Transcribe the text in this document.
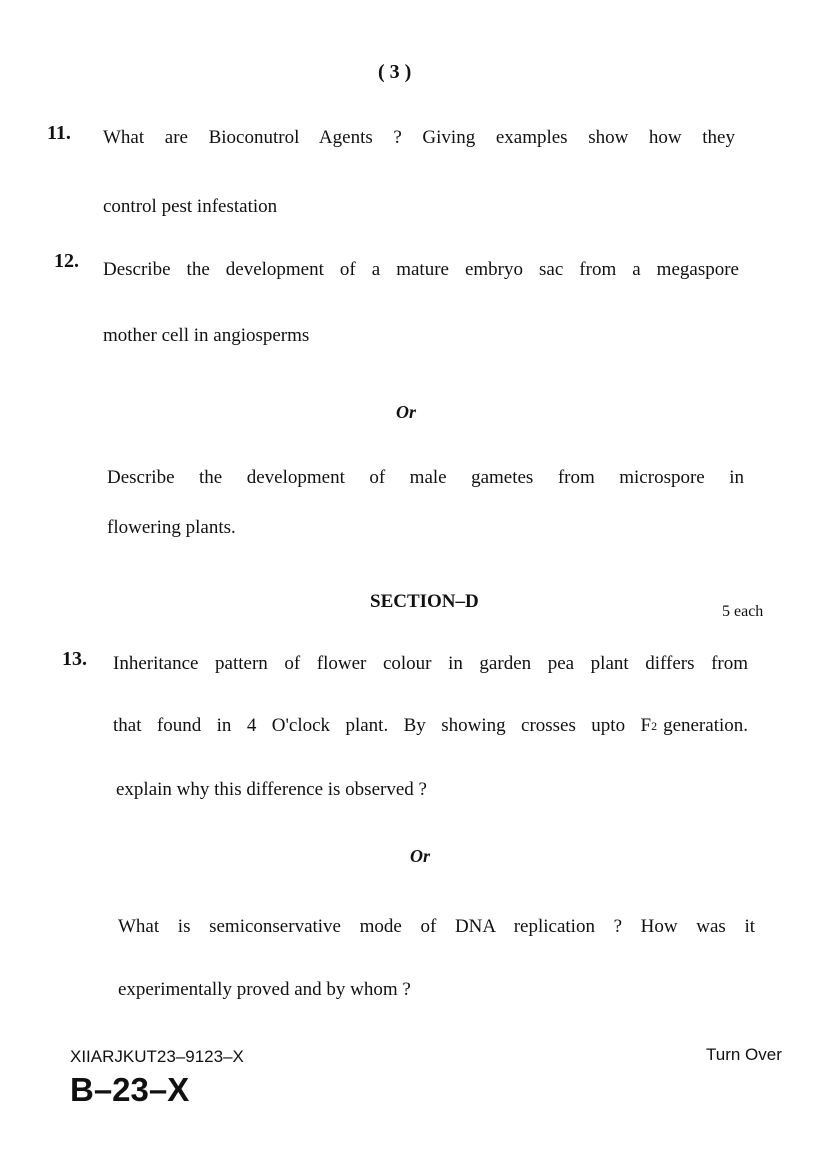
( 3 )
11. What are Bioconutrol Agents ? Giving examples show how they
control pest infestation
12. Describe the development of a mature embryo sac from a megaspore
mother cell in angiosperms
Or
Describe the development of male gametes from microspore in
flowering plants.
SECTION–D	5 each
13. Inheritance pattern of flower colour in garden pea plant differs from
that found in 4 O'clock plant. By showing crosses upto F 2 generation.
explain why this difference is observed ?
Or
What is semiconservative mode of DNA replication ? How was it
experimentally proved and by whom ?
XIIARJKUT23–9123–X
B–23–X
Turn Over
